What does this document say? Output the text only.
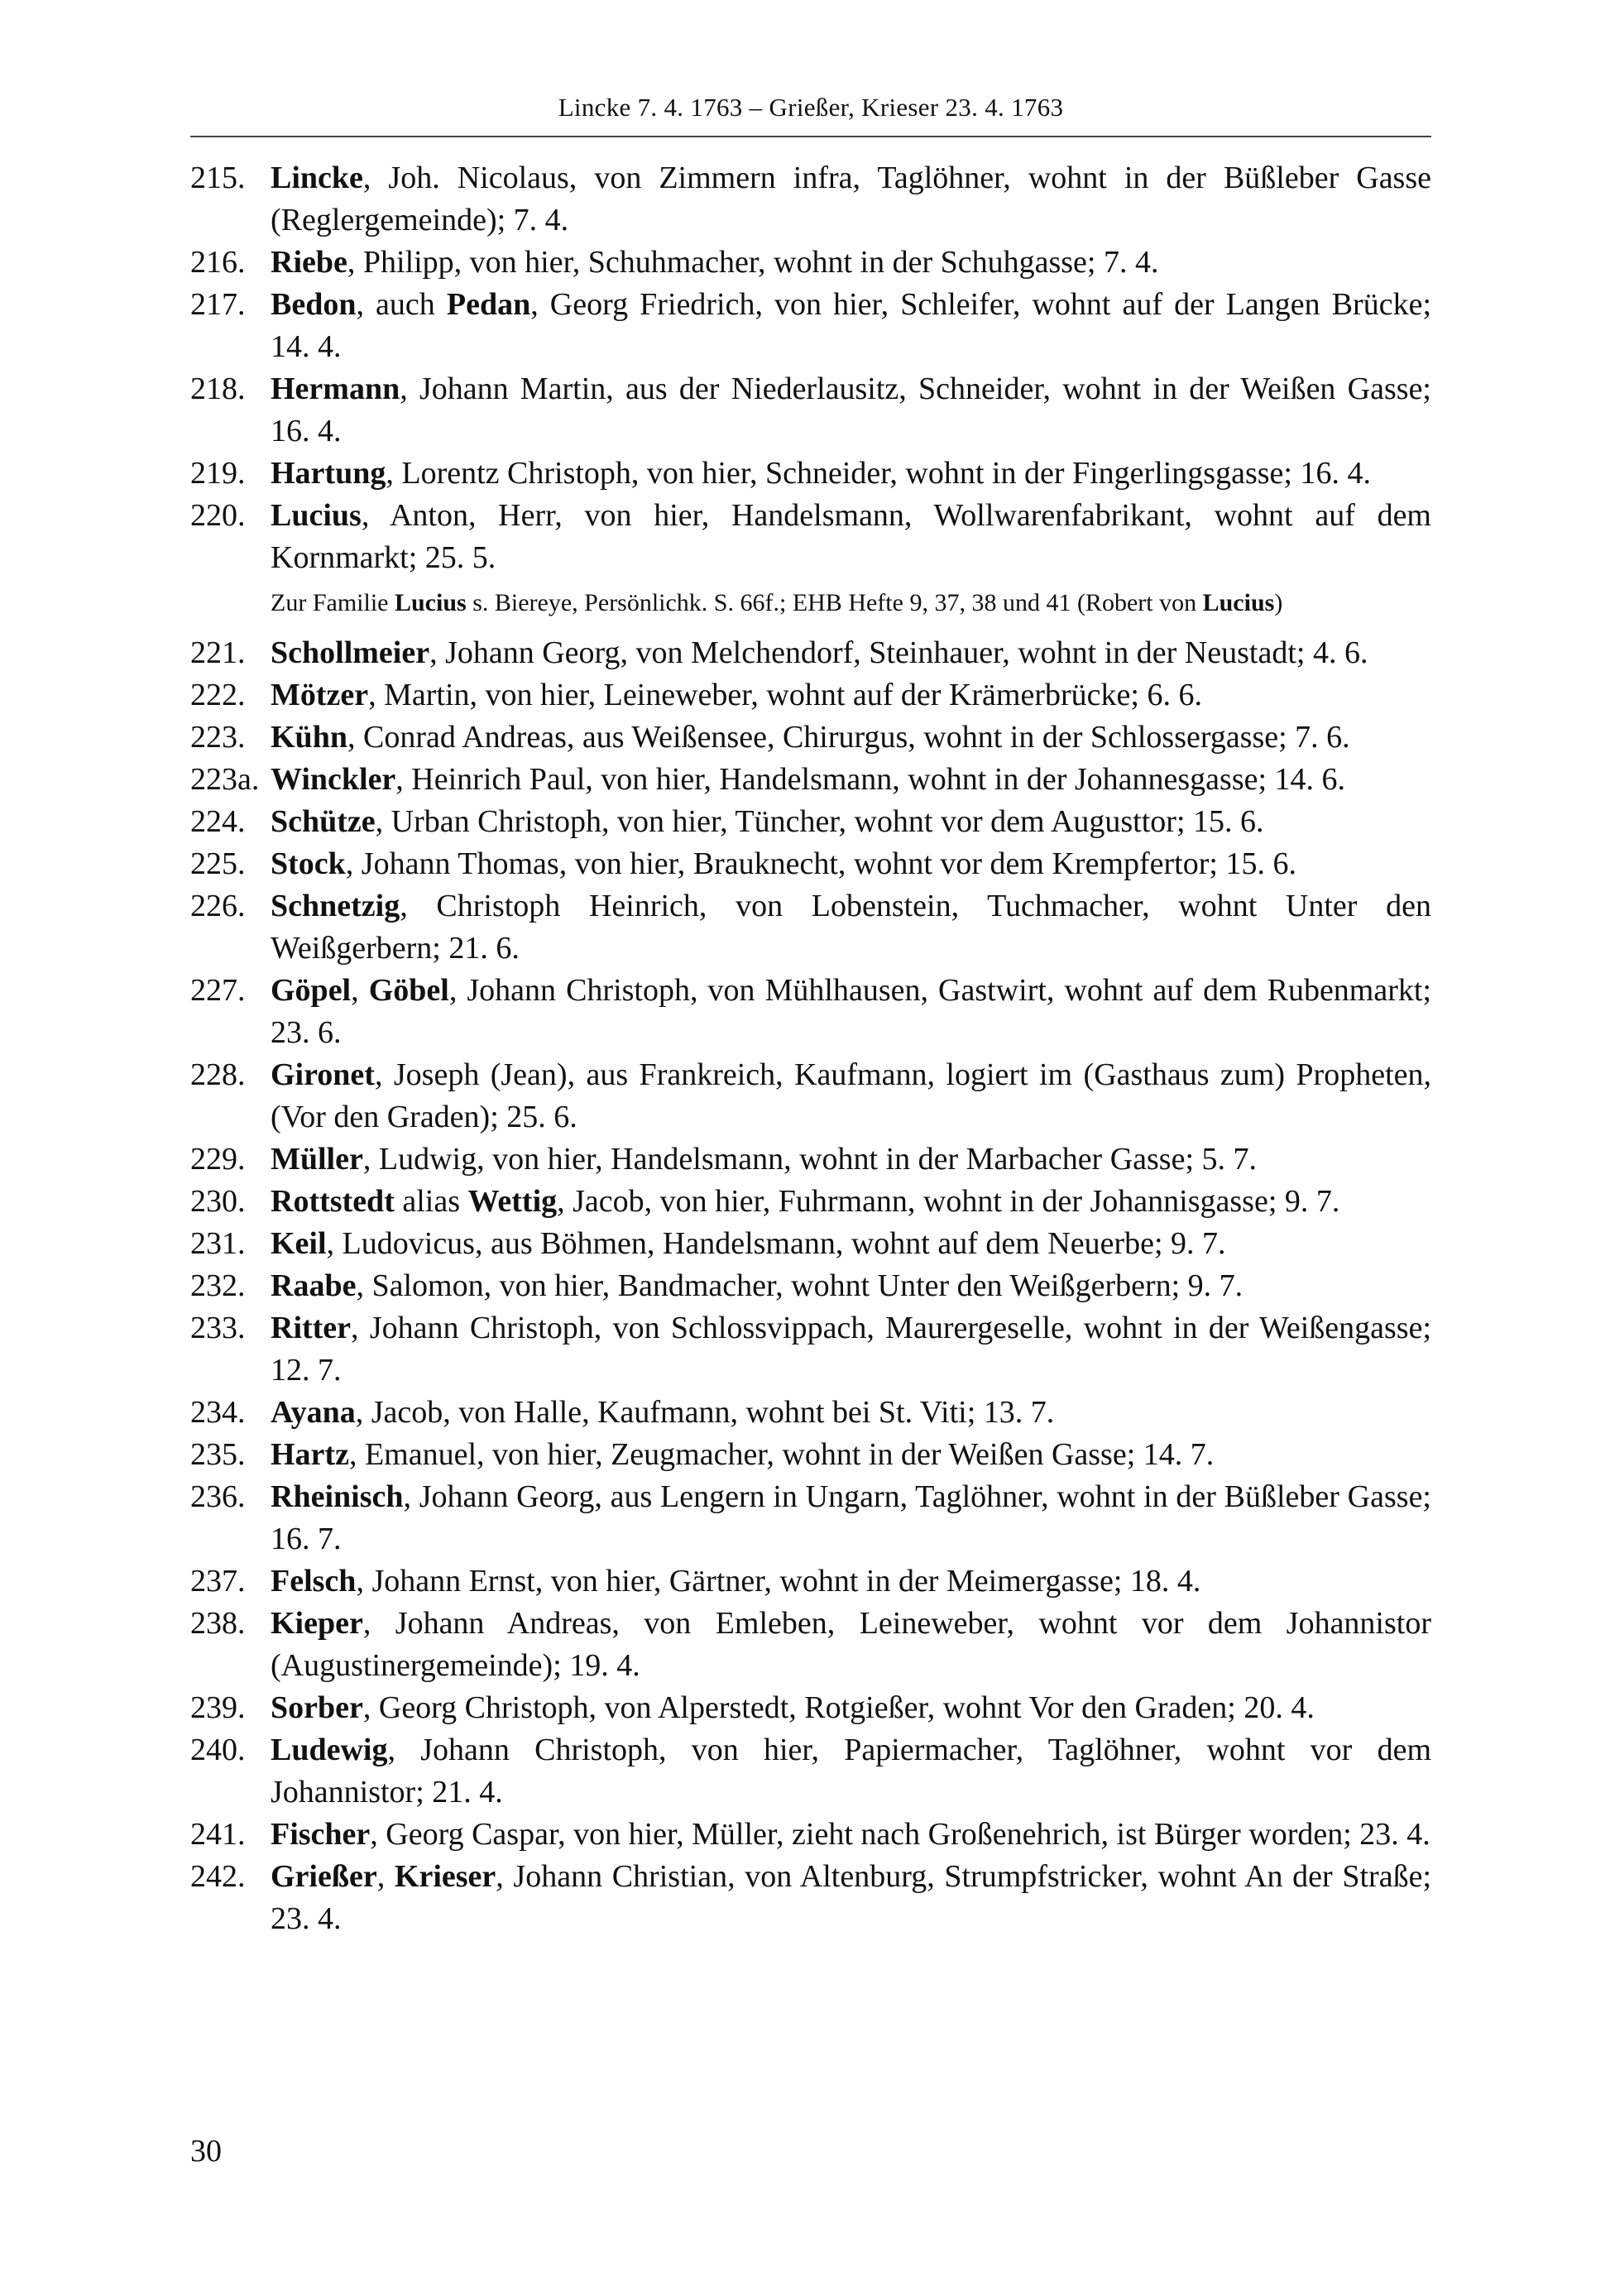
Lincke 7. 4. 1763 – Grießer, Krieser 23. 4. 1763
215. Lincke, Joh. Nicolaus, von Zimmern infra, Taglöhner, wohnt in der Büßleber Gasse (Reglergemeinde); 7. 4.
216. Riebe, Philipp, von hier, Schuhmacher, wohnt in der Schuhgasse; 7. 4.
217. Bedon, auch Pedan, Georg Friedrich, von hier, Schleifer, wohnt auf der Langen Brücke; 14. 4.
218. Hermann, Johann Martin, aus der Niederlausitz, Schneider, wohnt in der Weißen Gasse; 16. 4.
219. Hartung, Lorentz Christoph, von hier, Schneider, wohnt in der Fingerlingsgasse; 16. 4.
220. Lucius, Anton, Herr, von hier, Handelsmann, Wollwarenfabrikant, wohnt auf dem Kornmarkt; 25. 5.
Zur Familie Lucius s. Biereye, Persönlichk. S. 66f.; EHB Hefte 9, 37, 38 und 41 (Robert von Lucius)
221. Schollmeier, Johann Georg, von Melchendorf, Steinhauer, wohnt in der Neustadt; 4. 6.
222. Mötzer, Martin, von hier, Leineweber, wohnt auf der Krämerbrücke; 6. 6.
223. Kühn, Conrad Andreas, aus Weißensee, Chirurgus, wohnt in der Schlossergasse; 7. 6.
223a. Winckler, Heinrich Paul, von hier, Handelsmann, wohnt in der Johannesgasse; 14. 6.
224. Schütze, Urban Christoph, von hier, Tüncher, wohnt vor dem Augusttor; 15. 6.
225. Stock, Johann Thomas, von hier, Brauknecht, wohnt vor dem Krempfertor; 15. 6.
226. Schnetzig, Christoph Heinrich, von Lobenstein, Tuchmacher, wohnt Unter den Weißgerbern; 21. 6.
227. Göpel, Göbel, Johann Christoph, von Mühlhausen, Gastwirt, wohnt auf dem Rubenmarkt; 23. 6.
228. Gironet, Joseph (Jean), aus Frankreich, Kaufmann, logiert im (Gasthaus zum) Propheten, (Vor den Graden); 25. 6.
229. Müller, Ludwig, von hier, Handelsmann, wohnt in der Marbacher Gasse; 5. 7.
230. Rottstedt alias Wettig, Jacob, von hier, Fuhrmann, wohnt in der Johannisgasse; 9. 7.
231. Keil, Ludovicus, aus Böhmen, Handelsmann, wohnt auf dem Neuerbe; 9. 7.
232. Raabe, Salomon, von hier, Bandmacher, wohnt Unter den Weißgerbern; 9. 7.
233. Ritter, Johann Christoph, von Schlossvippach, Maurergeselle, wohnt in der Weißengasse; 12. 7.
234. Ayana, Jacob, von Halle, Kaufmann, wohnt bei St. Viti; 13. 7.
235. Hartz, Emanuel, von hier, Zeugmacher, wohnt in der Weißen Gasse; 14. 7.
236. Rheinisch, Johann Georg, aus Lengern in Ungarn, Taglöhner, wohnt in der Büßleber Gasse; 16. 7.
237. Felsch, Johann Ernst, von hier, Gärtner, wohnt in der Meimergasse; 18. 4.
238. Kieper, Johann Andreas, von Emleben, Leineweber, wohnt vor dem Johannistor (Augustinergemeinde); 19. 4.
239. Sorber, Georg Christoph, von Alperstedt, Rotgießer, wohnt Vor den Graden; 20. 4.
240. Ludewig, Johann Christoph, von hier, Papiermacher, Taglöhner, wohnt vor dem Johannistor; 21. 4.
241. Fischer, Georg Caspar, von hier, Müller, zieht nach Großenehrich, ist Bürger worden; 23. 4.
242. Grießer, Krieser, Johann Christian, von Altenburg, Strumpfstricker, wohnt An der Straße; 23. 4.
30
